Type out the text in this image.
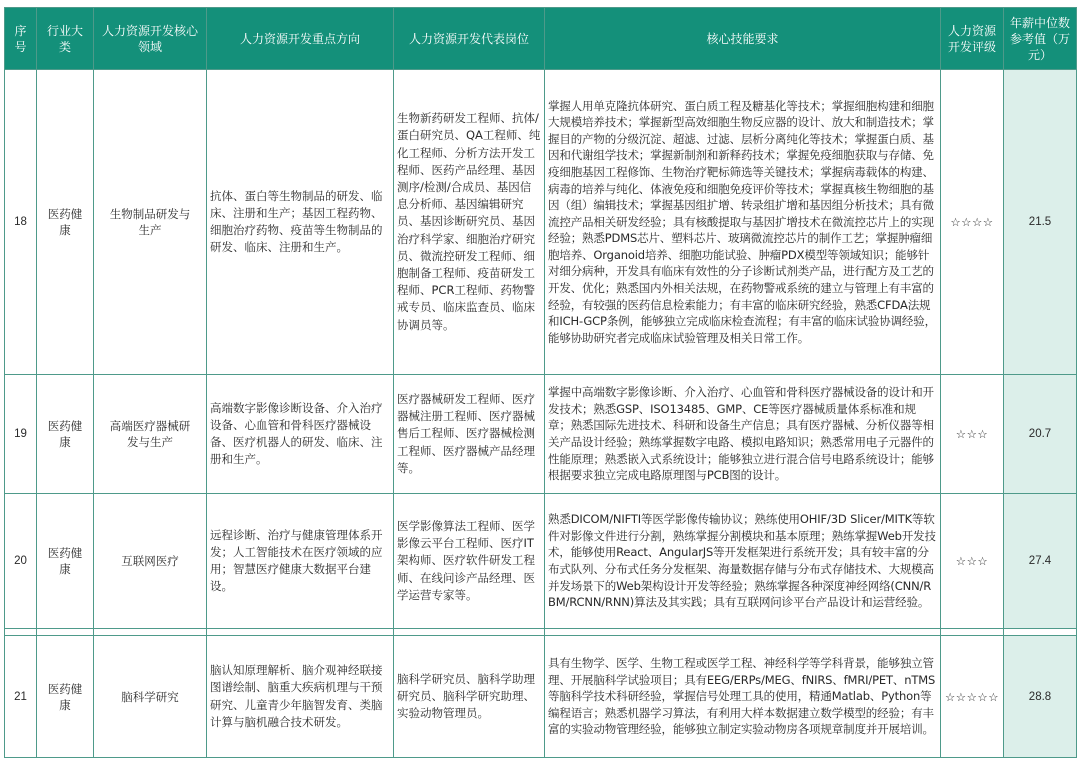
序号	行业大类	人力资源开发核心领域	人力资源开发重点方向	人力资源开发代表岗位	核心技能要求	人力资源开发评级	年薪中位数参考值（万元）
18	医药健康	生物制品研发与生产	抗体、蛋白等生物制品的研发、临床、注册和生产；基因工程药物、细胞治疗药物、疫苗等生物制品的研发、临床、注册和生产。	生物新药研发工程师、抗体/蛋白研究员、QA工程师、纯化工程师、分析方法开发工程师、医药产品经理、基因测序/检测/合成员、基因信息分析师、基因编辑研究员、基因诊断研究员、基因治疗科学家、细胞治疗研究员、微流控研发工程师、细胞制备工程师、疫苗研发工程师、PCR工程师、药物警戒专员、临床监查员、临床协调员等。	掌握人用单克隆抗体研究、蛋白质工程及糖基化等技术；掌握细胞构建和细胞大规模培养技术；掌握新型高效细胞生物反应器的设计、放大和制造技术；掌握目的产物的分级沉淀、超滤、过滤、层析分离纯化等技术；掌握蛋白质、基因和代谢组学技术；掌握新制剂和新释药技术；掌握免疫细胞获取与存储、免疫细胞基因工程修饰、生物治疗靶标筛选等关键技术；掌握病毒载体的构建、病毒的培养与纯化、体液免疫和细胞免疫评价等技术；掌握真核生物细胞的基因（组）编辑技术；掌握基因组扩增、转录组扩增和基因组分析技术；具有微流控产品相关研发经验；具有核酸提取与基因扩增技术在微流控芯片上的实现经验；熟悉PDMS芯片、塑料芯片、玻璃微流控芯片的制作工艺；掌握肿瘤细胞培养、Organoid培养、细胞功能试验、肿瘤PDX模型等领域知识；能够针对细分病种，开发具有临床有效性的分子诊断试剂类产品，进行配方及工艺的开发、优化；熟悉国内外相关法规，在药物警戒系统的建立与管理上有丰富的经验，有较强的医药信息检索能力；有丰富的临床研究经验，熟悉CFDA法规和ICH-GCP条例，能够独立完成临床检查流程；有丰富的临床试验协调经验，能够协助研究者完成临床试验管理及相关日常工作。	☆☆☆☆	21.5
19	医药健康	高端医疗器械研发与生产	高端数字影像诊断设备、介入治疗设备、心血管和骨科医疗器械设备、医疗机器人的研发、临床、注册和生产。	医疗器械研发工程师、医疗器械注册工程师、医疗器械售后工程师、医疗器械检测工程师、医疗器械产品经理等。	掌握中高端数字影像诊断、介入治疗、心血管和骨科医疗器械设备的设计和开发技术；熟悉GSP、ISO13485、GMP、CE等医疗器械质量体系标准和规章；熟悉国际先进技术、科研和设备生产信息；具有医疗器械、分析仪器等相关产品设计经验；熟练掌握数字电路、模拟电路知识；熟悉常用电子元器件的性能原理；熟悉嵌入式系统设计；能够独立进行混合信号电路系统设计；能够根据要求独立完成电路原理图与PCB图的设计。	☆☆☆	20.7
20	医药健康	互联网医疗	远程诊断、治疗与健康管理体系开发；人工智能技术在医疗领域的应用；智慧医疗健康大数据平台建设。	医学影像算法工程师、医学影像云平台工程师、医疗IT架构师、医疗软件研发工程师、在线问诊产品经理、医学运营专家等。	熟悉DICOM/NIFTI等医学影像传输协议；熟练使用OHIF/3D Slicer/MITK等软件对影像文件进行分割，熟练掌握分割模块和基本原理；熟练掌握Web开发技术，能够使用React、AngularJS等开发框架进行系统开发；具有较丰富的分布式队列、分布式任务分发框架、海量数据存储与分布式存储技术、大规模高并发场景下的Web架构设计开发等经验；熟练掌握各种深度神经网络(CNN/RBM/RCNN/RNN)算法及其实践；具有互联网问诊平台产品设计和运营经验。	☆☆☆	27.4

21	医药健康	脑科学研究	脑认知原理解析、脑介观神经联接图谱绘制、脑重大疾病机理与干预研究、儿童青少年脑智发育、类脑计算与脑机融合技术研发。	脑科学研究员、脑科学助理研究员、脑科学研究助理、实验动物管理员。	具有生物学、医学、生物工程或医学工程、神经科学等学科背景，能够独立管理、开展脑科学试验项目；具有EEG/ERPs/MEG、fNIRS、fMRI/PET、nTMS等脑科学技术科研经验，掌握信号处理工具的使用，精通Matlab、Python等编程语言；熟悉机器学习算法，有利用大样本数据建立数学模型的经验；有丰富的实验动物管理经验，能够独立制定实验动物房各项规章制度并开展培训。	☆☆☆☆☆	28.8
